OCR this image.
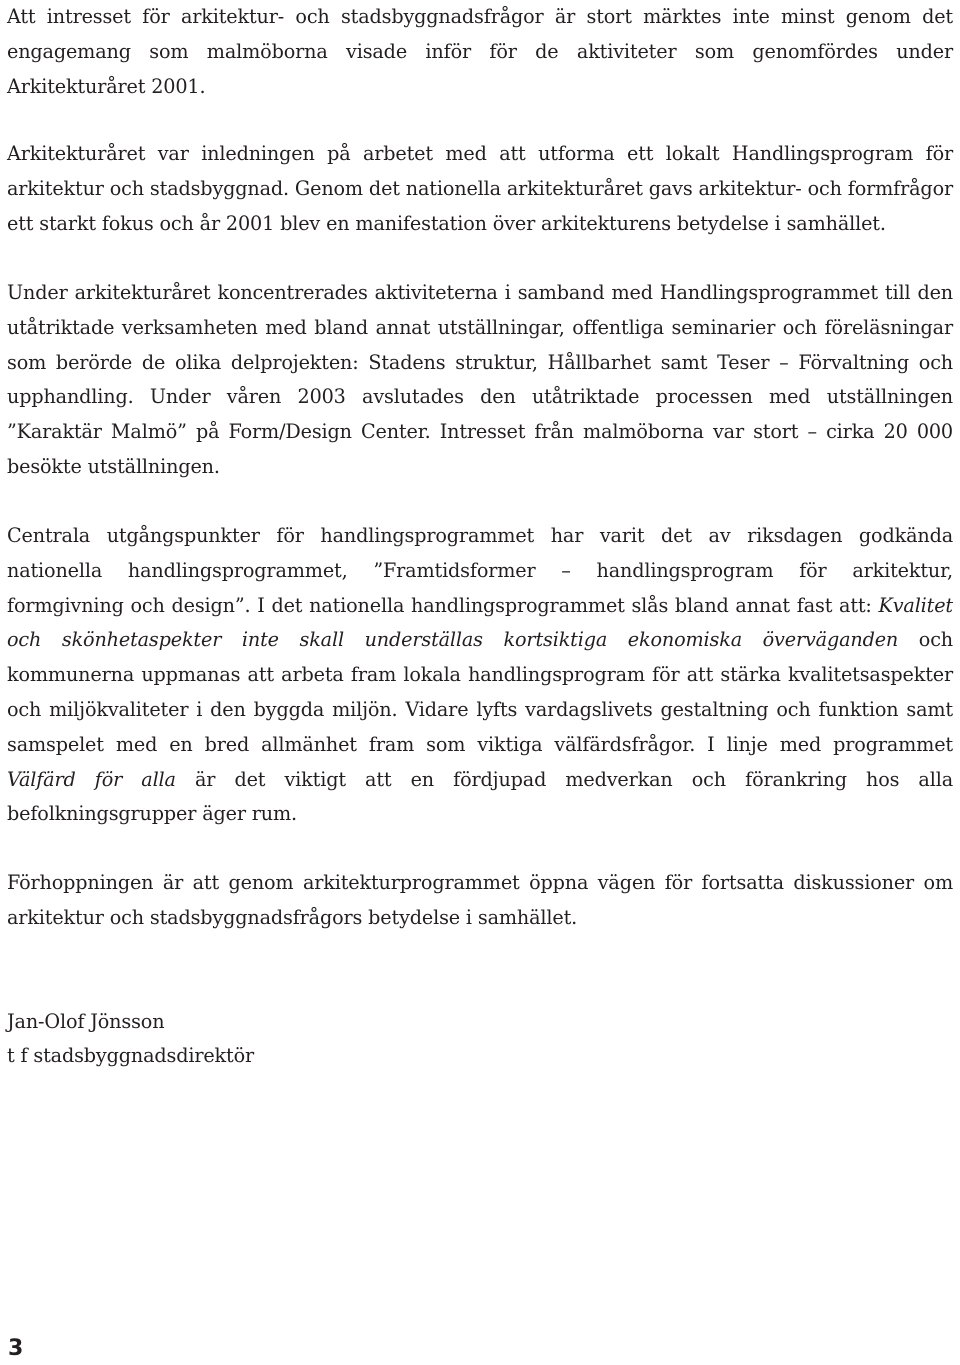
Att intresset för arkitektur- och stadsbyggnadsfrågor är stort märktes inte minst genom det engagemang som malmöborna visade inför för de aktiviteter som genomfördes under Arkitekturåret 2001.

Arkitekturåret var inledningen på arbetet med att utforma ett lokalt Handlingsprogram för arkitektur och stadsbyggnad. Genom det nationella arkitekturåret gavs arkitektur- och formfrågor ett starkt fokus och år 2001 blev en manifestation över arkitekturens betydelse i samhället.

Under arkitekturåret koncentrerades aktiviteterna i samband med Handlingsprogrammet till den utåtriktade verksamheten med bland annat utställningar, offentliga seminarier och föreläsningar som berörde de olika delprojekten: Stadens struktur, Hållbarhet samt Teser – Förvaltning och upphandling. Under våren 2003 avslutades den utåtriktade processen med utställningen ”Karaktär Malmö” på Form/Design Center. Intresset från malmöborna var stort – cirka 20 000 besökte utställningen.

Centrala utgångspunkter för handlingsprogrammet har varit det av riksdagen godkända nationella handlingsprogrammet, ”Framtidsformer – handlingsprogram för arkitektur, formgivning och design”. I det nationella handlingsprogrammet slås bland annat fast att: Kvalitet och skönhetaspekter inte skall underställas kortsiktiga ekonomiska överväganden och kommunerna uppmanas att arbeta fram lokala handlingsprogram för att stärka kvalitetsaspekter och miljökvaliteter i den byggda miljön. Vidare lyfts vardagslivets gestaltning och funktion samt samspelet med en bred allmänhet fram som viktiga välfärdsfrågor. I linje med programmet Välfärd för alla är det viktigt att en fördjupad medverkan och förankring hos alla befolkningsgrupper äger rum.

Förhoppningen är att genom arkitekturprogrammet öppna vägen för fortsatta diskussioner om arkitektur och stadsbyggnadsfrågors betydelse i samhället.

Jan-Olof Jönsson

t f stadsbyggnadsdirektör

3
